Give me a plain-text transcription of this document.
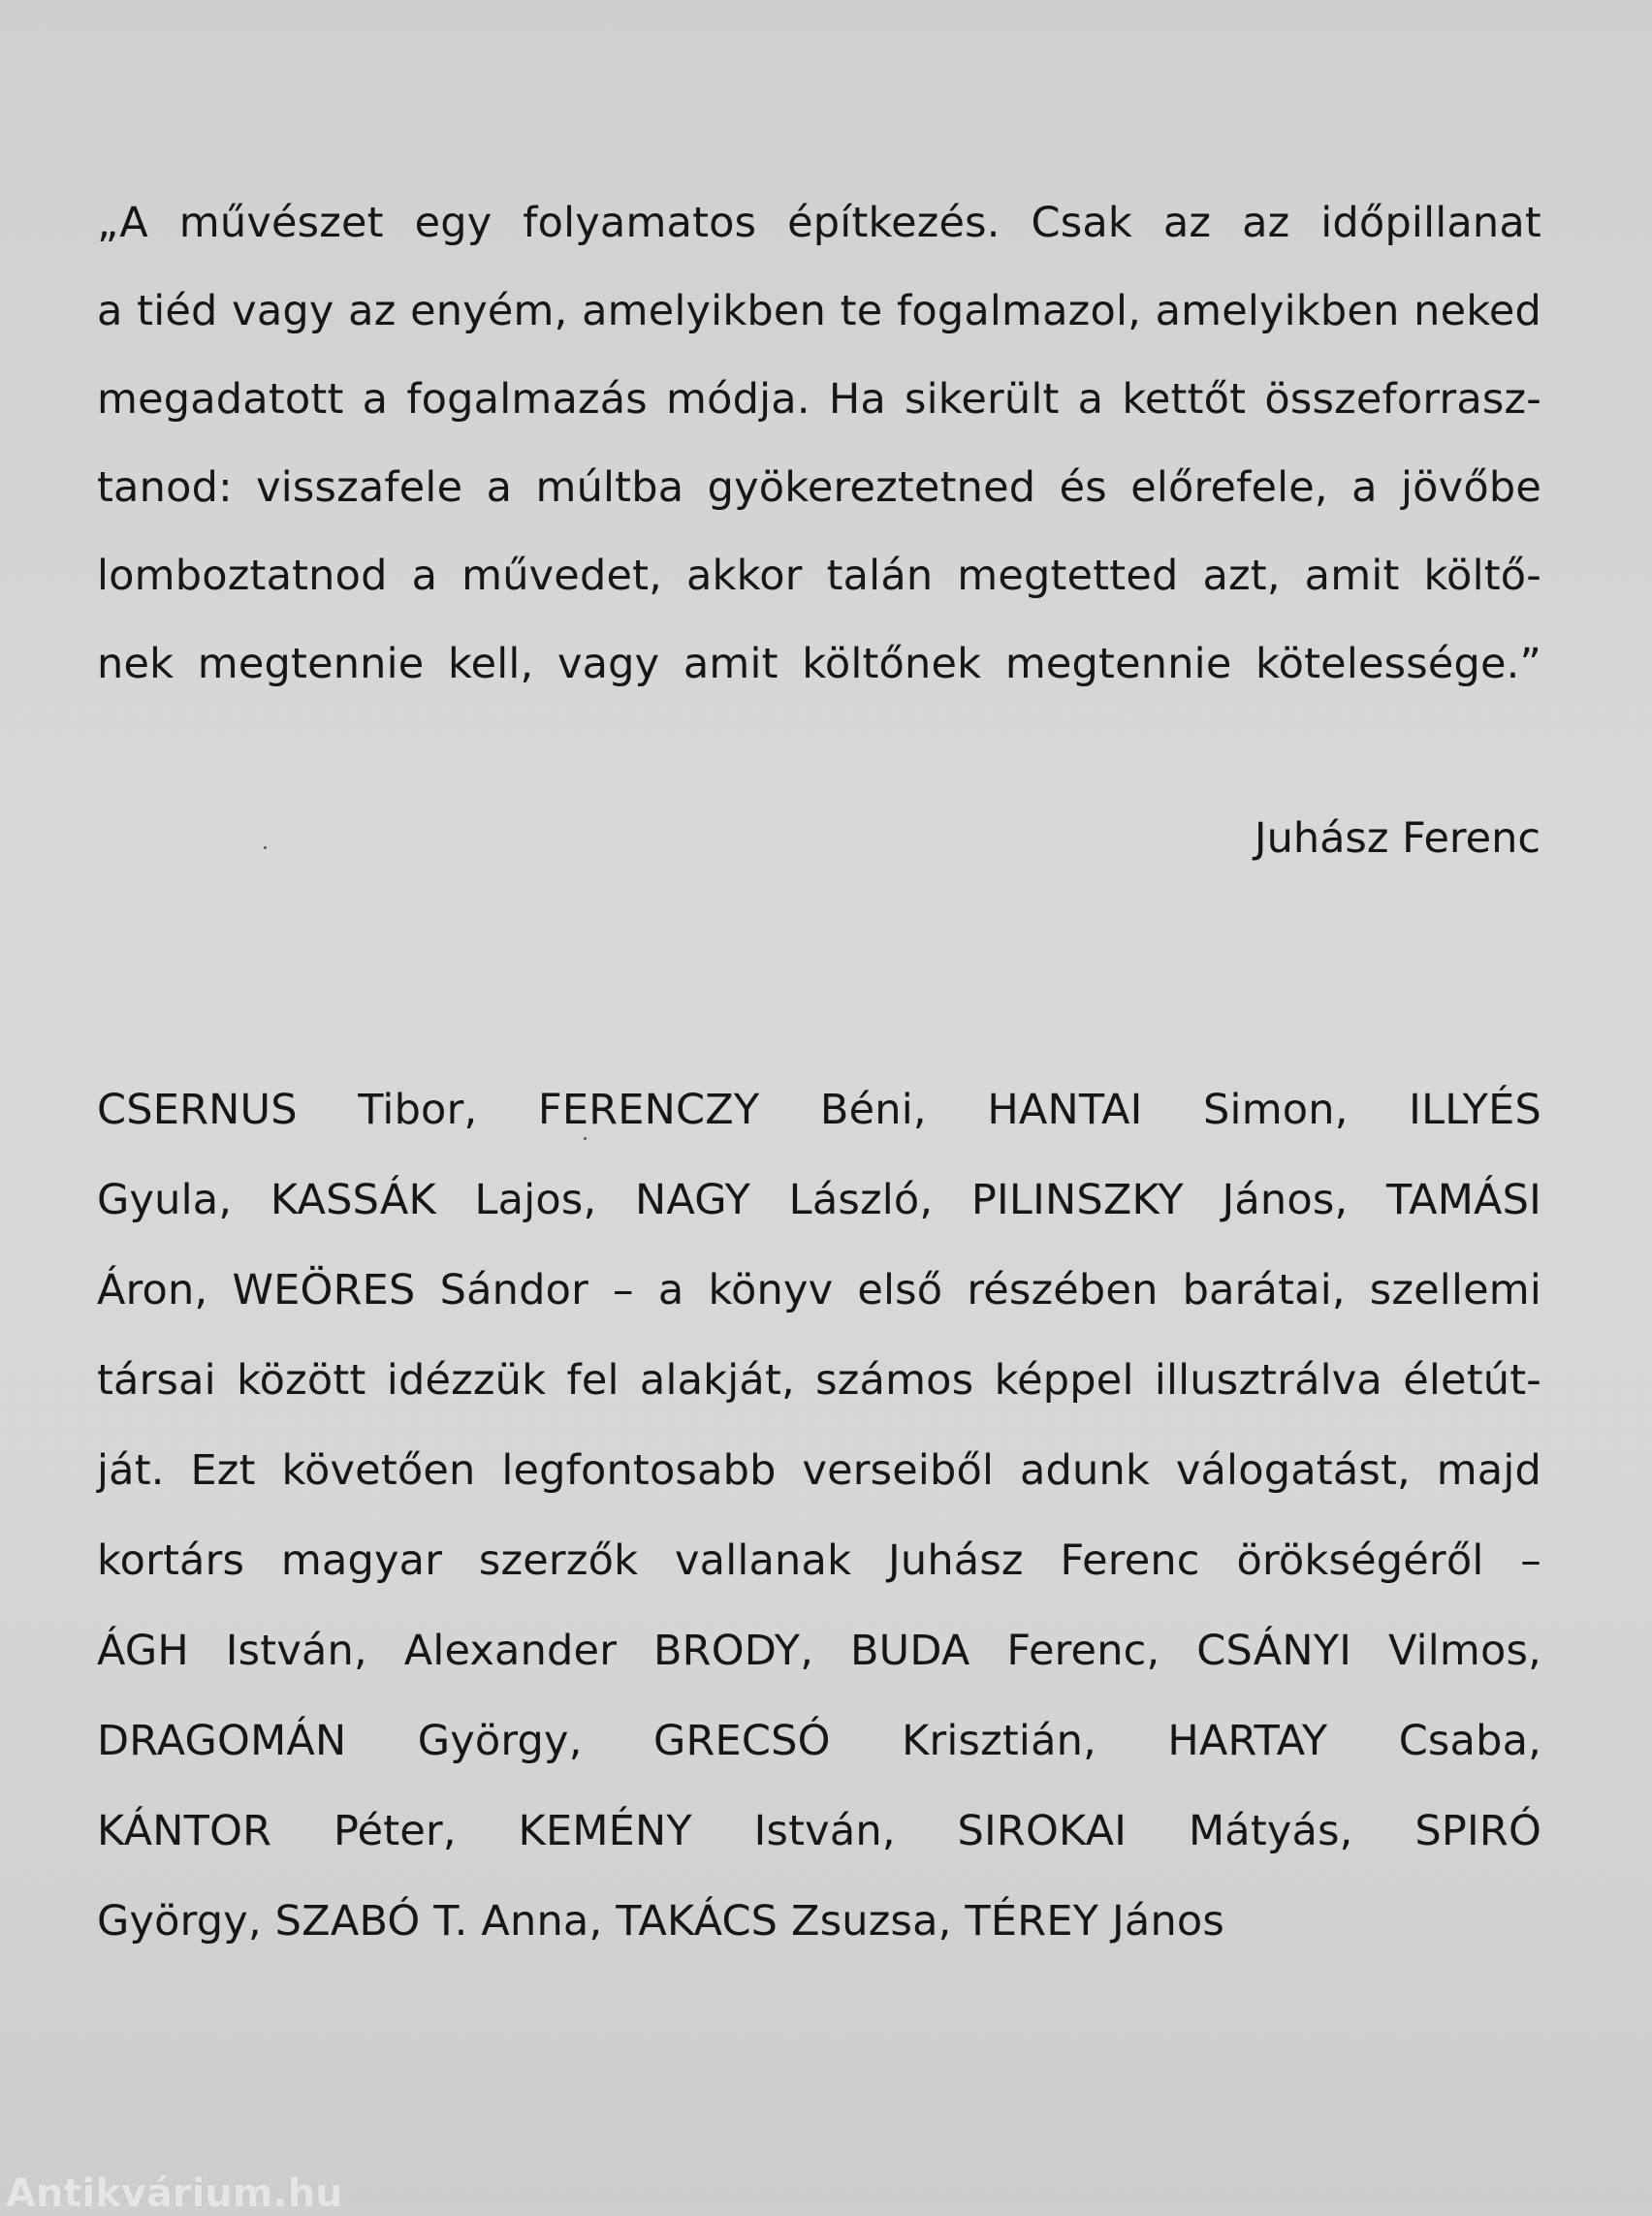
„A művészet egy folyamatos építkezés. Csak az az időpillanat
a tiéd vagy az enyém, amelyikben te fogalmazol, amelyikben neked
megadatott a fogalmazás módja. Ha sikerült a kettőt összeforrasz-
tanod: visszafele a múltba gyökereztetned és előrefele, a jövőbe
lomboztatnod a művedet, akkor talán megtetted azt, amit költő-
nek megtennie kell, vagy amit költőnek megtennie kötelessége.”
Juhász Ferenc
CSERNUS Tibor, FERENCZY Béni, HANTAI Simon, ILLYÉS
Gyula, KASSÁK Lajos, NAGY László, PILINSZKY János, TAMÁSI
Áron, WEÖRES Sándor – a könyv első részében barátai, szellemi
társai között idézzük fel alakját, számos képpel illusztrálva életút-
ját. Ezt követően legfontosabb verseiből adunk válogatást, majd
kortárs magyar szerzők vallanak Juhász Ferenc örökségéről –
ÁGH István, Alexander BRODY, BUDA Ferenc, CSÁNYI Vilmos,
DRAGOMÁN György, GRECSÓ Krisztián, HARTAY Csaba,
KÁNTOR Péter, KEMÉNY István, SIROKAI Mátyás, SPIRÓ
György, SZABÓ T. Anna, TAKÁCS Zsuzsa, TÉREY János
Antikvárium.hu
